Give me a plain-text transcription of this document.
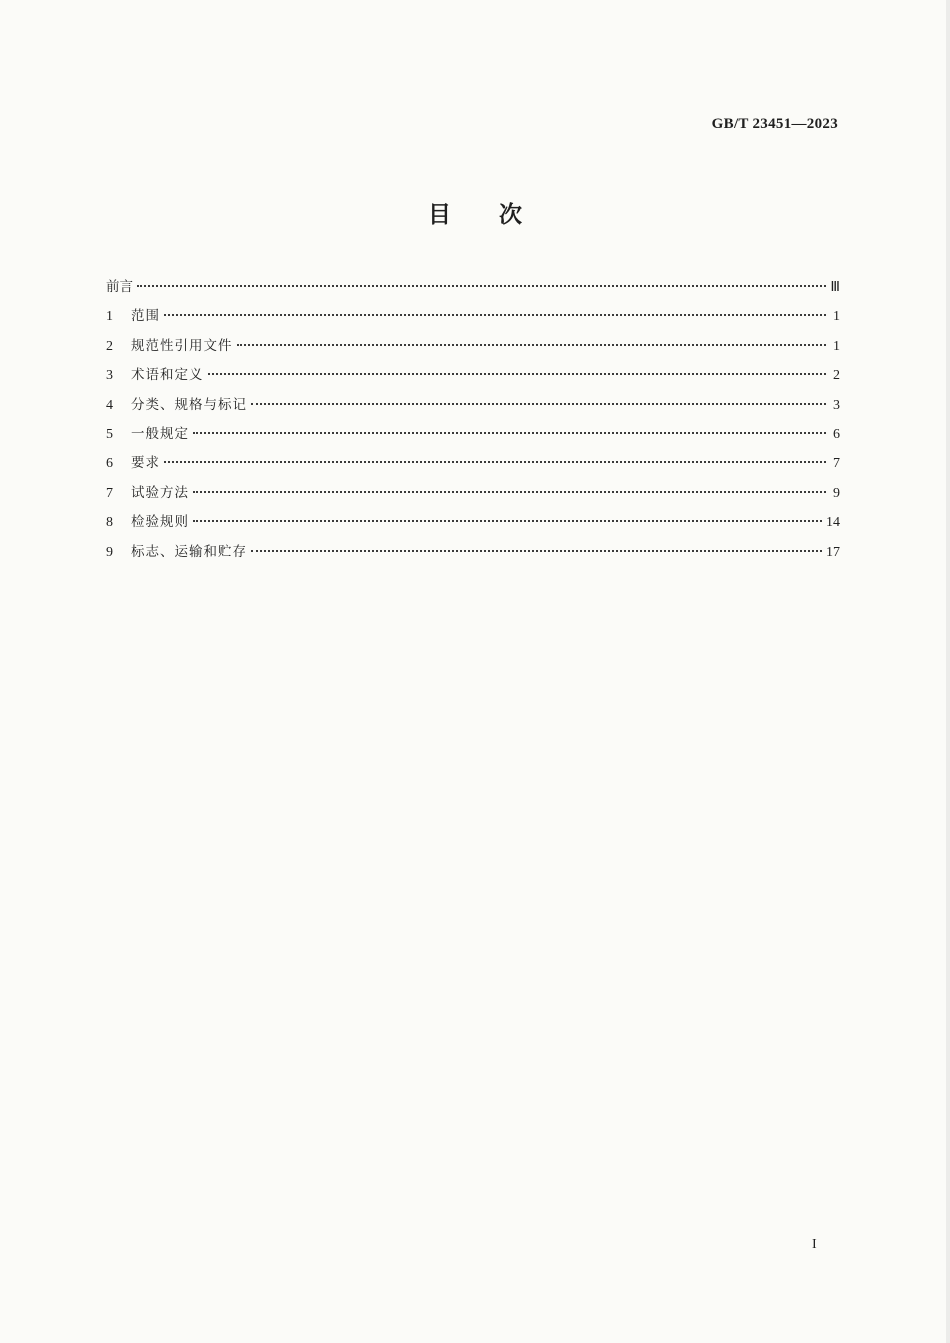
GB/T 23451—2023
目 次
前言	Ⅲ
1	范围	1
2	规范性引用文件	1
3	术语和定义	2
4	分类、规格与标记	3
5	一般规定	6
6	要求	7
7	试验方法	9
8	检验规则	14
9	标志、运输和贮存	17
I
